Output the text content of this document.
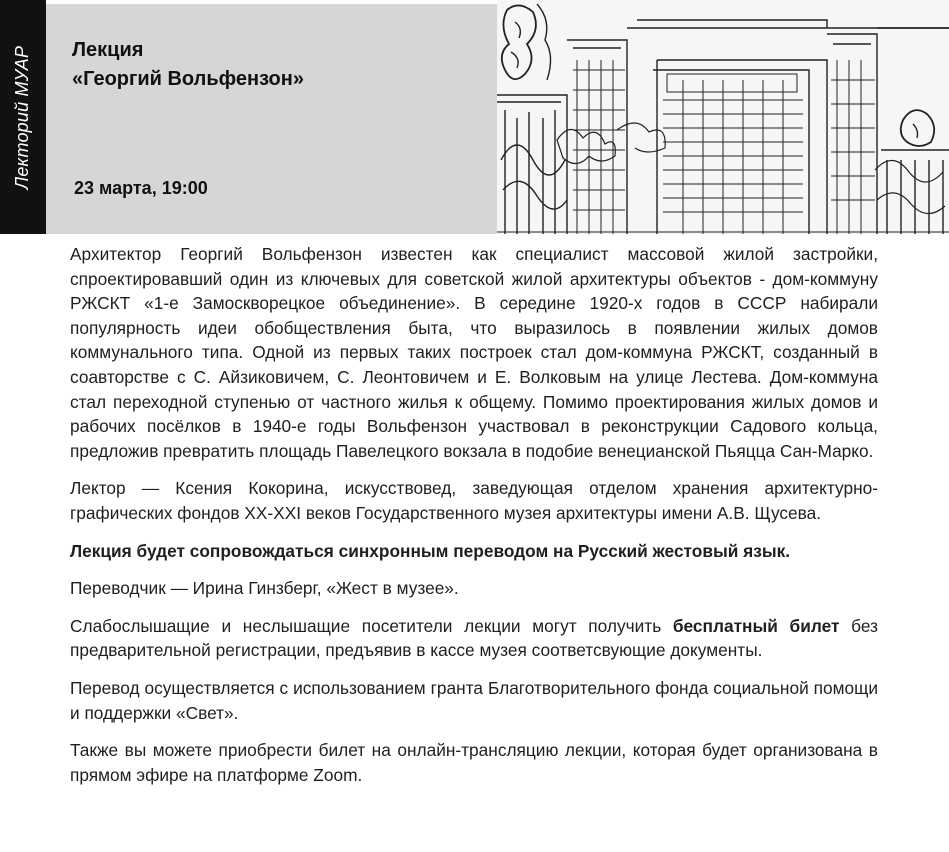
Лекторий МУАР Лекция
«Георгий Вольфензон»
23 марта, 19:00

Архитектор Георгий Вольфензон известен как специалист массовой жилой застройки, спроектировавший один из ключевых для советской жилой архитектуры объектов - дом-коммуну РЖСКТ «1-е Замоскворецкое объединение». В середине 1920-х годов в СССР набирали популярность идеи обобществления быта, что выразилось в появлении жилых домов коммунального типа. Одной из первых таких построек стал дом-коммуна РЖСКТ, созданный в соавторстве с С. Айзиковичем, С. Леонтовичем и Е. Волковым на улице Лестева. Дом-коммуна стал переходной ступенью от частного жилья к общему. Помимо проектирования жилых домов и рабочих посёлков в 1940-е годы Вольфензон участвовал в реконструкции Садового кольца, предложив превратить площадь Павелецкого вокзала в подобие венецианской Пьяцца Сан-Марко.

Лектор — Ксения Кокорина, искусствовед, заведующая отделом хранения архитектурно-графических фондов XX-XXI веков Государственного музея архитектуры имени А.В. Щусева.

Лекция будет сопровождаться синхронным переводом на Русский жестовый язык.

Переводчик — Ирина Гинзберг, «Жест в музее».

Слабослышащие и неслышащие посетители лекции могут получить бесплатный билет без предварительной регистрации, предъявив в кассе музея соответсвующие документы.

Перевод осуществляется с использованием гранта Благотворительного фонда социальной помощи и поддержки «Свет».

Также вы можете приобрести билет на онлайн-трансляцию лекции, которая будет организована в прямом эфире на платформе Zoom.
